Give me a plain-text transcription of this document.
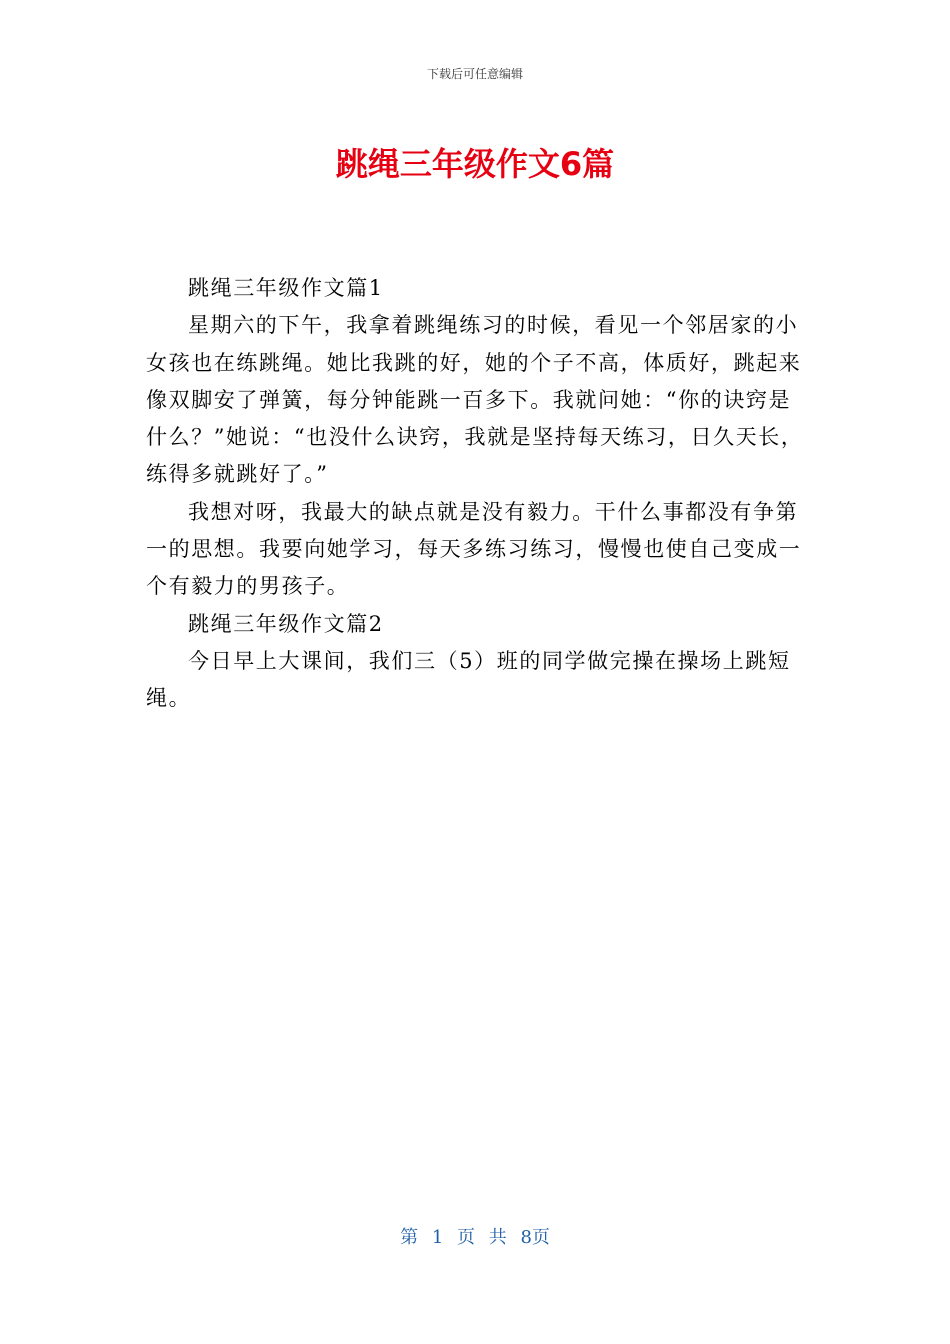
下载后可任意编辑
跳绳三年级作文6篇

跳绳三年级作文篇1

星期六的下午，我拿着跳绳练习的时候，看见一个邻居家的小女孩也在练跳绳。她比我跳的好，她的个子不高，体质好，跳起来像双脚安了弹簧，每分钟能跳一百多下。我就问她：“你的诀窍是什么？”她说：“也没什么诀窍，我就是坚持每天练习，日久天长，练得多就跳好了。”

我想对呀，我最大的缺点就是没有毅力。干什么事都没有争第一的思想。我要向她学习，每天多练习练习，慢慢也使自己变成一个有毅力的男孩子。

跳绳三年级作文篇2

今日早上大课间，我们三（5）班的同学做完操在操场上跳短绳。

第 1 页 共 8页
